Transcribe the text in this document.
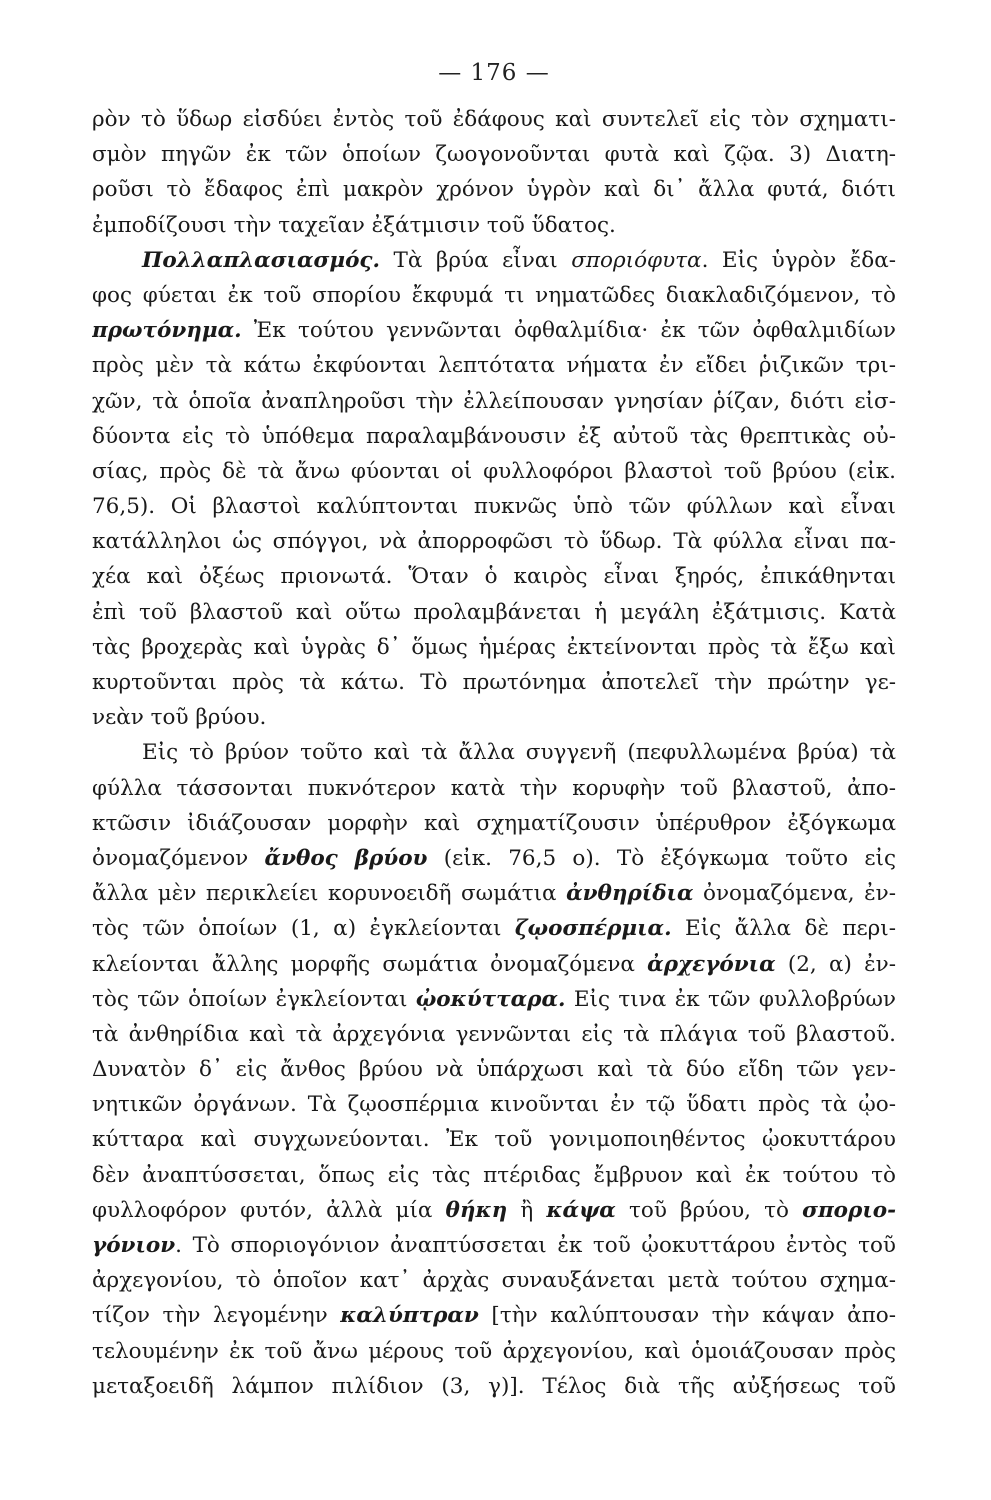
— 176 —
ρὸν τὸ ὕδωρ εἰσδύει ἐντὸς τοῦ ἐδάφους καὶ συντελεῖ εἰς τὸν σχηματι-
σμὸν πηγῶν ἐκ τῶν ὁποίων ζωογονοῦνται φυτὰ καὶ ζῷα. 3) Διατη-
ροῦσι τὸ ἔδαφος ἐπὶ μακρὸν χρόνον ὑγρὸν καὶ δι᾽ ἄλλα φυτά, διότι
ἐμποδίζουσι τὴν ταχεῖαν ἐξάτμισιν τοῦ ὕδατος.
Πολλαπλασιασμός. Τὰ βρύα εἶναι σποριόφυτα. Εἰς ὑγρὸν ἔδα-
φος φύεται ἐκ τοῦ σπορίου ἔκφυμά τι νηματῶδες διακλαδιζόμενον, τὸ
πρωτόνημα. Ἐκ τούτου γεννῶνται ὀφθαλμίδια· ἐκ τῶν ὀφθαλμιδίων
πρὸς μὲν τὰ κάτω ἐκφύονται λεπτότατα νήματα ἐν εἴδει ῥιζικῶν τρι-
χῶν, τὰ ὁποῖα ἀναπληροῦσι τὴν ἐλλείπουσαν γνησίαν ῥίζαν, διότι εἰσ-
δύοντα εἰς τὸ ὑπόθεμα παραλαμβάνουσιν ἐξ αὐτοῦ τὰς θρεπτικὰς οὐ-
σίας, πρὸς δὲ τὰ ἄνω φύονται οἱ φυλλοφόροι βλαστοὶ τοῦ βρύου (εἰκ.
76,5). Οἱ βλαστοὶ καλύπτονται πυκνῶς ὑπὸ τῶν φύλλων καὶ εἶναι
κατάλληλοι ὡς σπόγγοι, νὰ ἀπορροφῶσι τὸ ὕδωρ. Τὰ φύλλα εἶναι πα-
χέα καὶ ὀξέως πριονωτά. Ὅταν ὁ καιρὸς εἶναι ξηρός, ἐπικάθηνται
ἐπὶ τοῦ βλαστοῦ καὶ οὕτω προλαμβάνεται ἡ μεγάλη ἐξάτμισις. Κατὰ
τὰς βροχερὰς καὶ ὑγρὰς δ᾽ ὅμως ἡμέρας ἐκτείνονται πρὸς τὰ ἔξω καὶ
κυρτοῦνται πρὸς τὰ κάτω. Τὸ πρωτόνημα ἀποτελεῖ τὴν πρώτην γε-
νεὰν τοῦ βρύου.
Εἰς τὸ βρύον τοῦτο καὶ τὰ ἄλλα συγγενῆ (πεφυλλωμένα βρύα) τὰ
φύλλα τάσσονται πυκνότερον κατὰ τὴν κορυφὴν τοῦ βλαστοῦ, ἀπο-
κτῶσιν ἰδιάζουσαν μορφὴν καὶ σχηματίζουσιν ὑπέρυθρον ἐξόγκωμα
ὀνομαζόμενον ἄνθος βρύου (εἰκ. 76,5 ο). Τὸ ἐξόγκωμα τοῦτο εἰς
ἄλλα μὲν περικλείει κορυνοειδῆ σωμάτια ἀνθηρίδια ὀνομαζόμενα, ἐν-
τὸς τῶν ὁποίων (1, α) ἐγκλείονται ζῳοσπέρμια. Εἰς ἄλλα δὲ περι-
κλείονται ἄλλης μορφῆς σωμάτια ὀνομαζόμενα ἀρχεγόνια (2, α) ἐν-
τὸς τῶν ὁποίων ἐγκλείονται ᾠοκύτταρα. Εἰς τινα ἐκ τῶν φυλλοβρύων
τὰ ἀνθηρίδια καὶ τὰ ἀρχεγόνια γεννῶνται εἰς τὰ πλάγια τοῦ βλαστοῦ.
Δυνατὸν δ᾽ εἰς ἄνθος βρύου νὰ ὑπάρχωσι καὶ τὰ δύο εἴδη τῶν γεν-
νητικῶν ὀργάνων. Τὰ ζῳοσπέρμια κινοῦνται ἐν τῷ ὕδατι πρὸς τὰ ᾠο-
κύτταρα καὶ συγχωνεύονται. Ἐκ τοῦ γονιμοποιηθέντος ᾠοκυττάρου
δὲν ἀναπτύσσεται, ὅπως εἰς τὰς πτέριδας ἔμβρυον καὶ ἐκ τούτου τὸ
φυλλοφόρον φυτόν, ἀλλὰ μία θήκη ἢ κάψα τοῦ βρύου, τὸ σποριο-
γόνιον. Τὸ σποριογόνιον ἀναπτύσσεται ἐκ τοῦ ᾠοκυττάρου ἐντὸς τοῦ
ἀρχεγονίου, τὸ ὁποῖον κατ᾽ ἀρχὰς συναυξάνεται μετὰ τούτου σχημα-
τίζον τὴν λεγομένην καλύπτραν [τὴν καλύπτουσαν τὴν κάψαν ἀπο-
τελουμένην ἐκ τοῦ ἄνω μέρους τοῦ ἀρχεγονίου, καὶ ὁμοιάζουσαν πρὸς
μεταξοειδῆ λάμπον πιλίδιον (3, γ)]. Τέλος διὰ τῆς αὐξήσεως τοῦ
